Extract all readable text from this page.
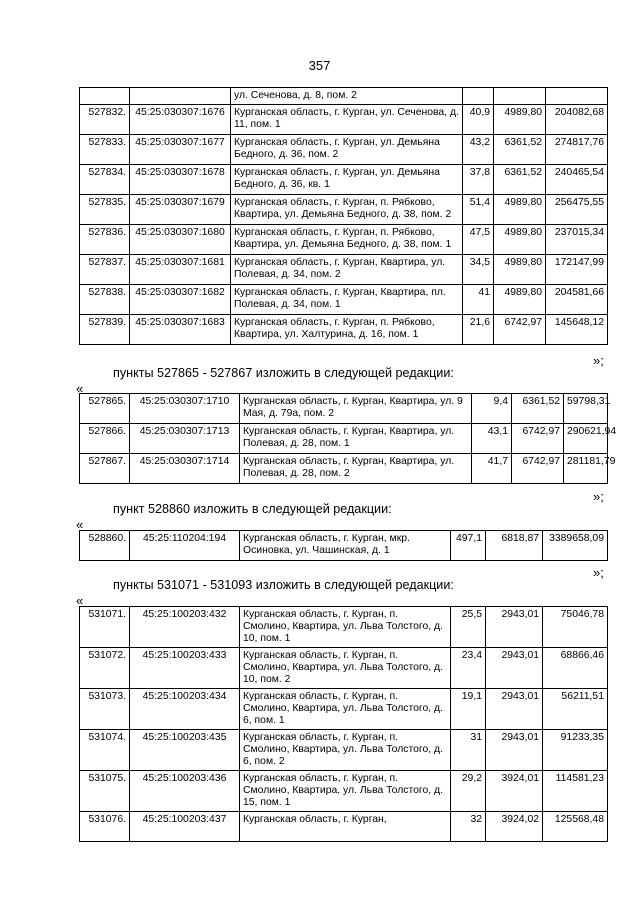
357
		ул. Сеченова, д. 8, пом. 2			
527832.	45:25:030307:1676	Курганская область, г. Курган, ул. Сеченова, д. 11, пом. 1	40,9	4989,80	204082,68
527833.	45:25:030307:1677	Курганская область, г. Курган, ул. Демьяна Бедного, д. 36, пом. 2	43,2	6361,52	274817,76
527834.	45:25:030307:1678	Курганская область, г. Курган, ул. Демьяна Бедного, д. 36, кв. 1	37,8	6361,52	240465,54
527835.	45:25:030307:1679	Курганская область, г. Курган, п. Рябково, Квартира, ул. Демьяна Бедного, д. 38, пом. 2	51,4	4989,80	256475,55
527836.	45:25:030307:1680	Курганская область, г. Курган, п. Рябково, Квартира, ул. Демьяна Бедного, д. 38, пом. 1	47,5	4989,80	237015,34
527837.	45:25:030307:1681	Курганская область, г. Курган, Квартира, ул. Полевая, д. 34, пом. 2	34,5	4989,80	172147,99
527838.	45:25:030307:1682	Курганская область, г. Курган, Квартира, пл. Полевая, д. 34, пом. 1	41	4989,80	204581,66
527839.	45:25:030307:1683	Курганская область, г. Курган, п. Рябково, Квартира, ул. Халтурина, д. 16, пом. 1	21,6	6742,97	145648,12
»;
пункты 527865 - 527867 изложить в следующей редакции:
«
527865.	45:25:030307:1710	Курганская область, г. Курган, Квартира, ул. 9 Мая, д. 79а, пом. 2	9,4	6361,52	59798,31
527866.	45:25:030307:1713	Курганская область, г. Курган, Квартира, ул. Полевая, д. 28, пом. 1	43,1	6742,97	290621,94
527867.	45:25:030307:1714	Курганская область, г. Курган, Квартира, ул. Полевая, д. 28, пом. 2	41,7	6742,97	281181,79
»;
пункт 528860 изложить в следующей редакции:
«
528860.	45:25:110204:194	Курганская область, г. Курган, мкр. Осиновка, ул. Чашинская, д. 1	497,1	6818,87	3389658,09
»;
пункты 531071 - 531093 изложить в следующей редакции:
«
531071.	45:25:100203:432	Курганская область, г. Курган, п. Смолино, Квартира, ул. Льва Толстого, д. 10, пом. 1	25,5	2943,01	75046,78
531072.	45:25:100203:433	Курганская область, г. Курган, п. Смолино, Квартира, ул. Льва Толстого, д. 10, пом. 2	23,4	2943,01	68866,46
531073.	45:25:100203:434	Курганская область, г. Курган, п. Смолино, Квартира, ул. Льва Толстого, д. 6, пом. 1	19,1	2943,01	56211,51
531074.	45:25:100203:435	Курганская область, г. Курган, п. Смолино, Квартира, ул. Льва Толстого, д. 6, пом. 2	31	2943,01	91233,35
531075.	45:25:100203:436	Курганская область, г. Курган, п. Смолино, Квартира, ул. Льва Толстого, д. 15, пом. 1	29,2	3924,01	114581,23
531076.	45:25:100203:437	Курганская область, г. Курган,	32	3924,02	125568,48
